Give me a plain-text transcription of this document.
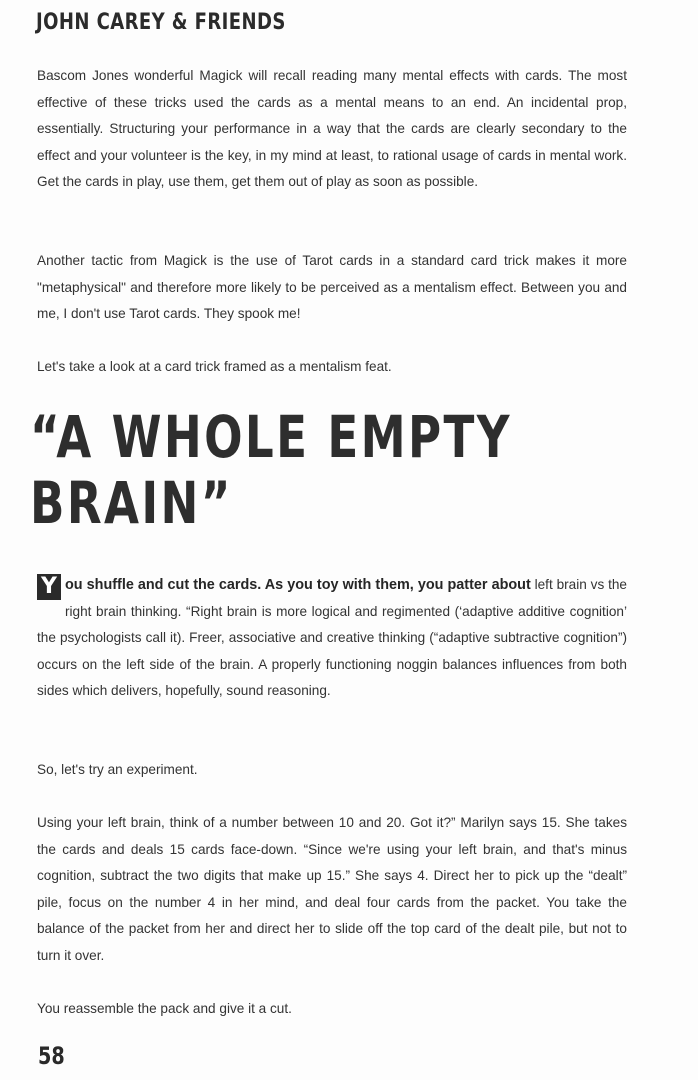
JOHN CAREY & FRIENDS

Bascom Jones wonderful Magick will recall reading many mental effects with cards. The most effective of these tricks used the cards as a mental means to an end. An incidental prop, essentially. Structuring your performance in a way that the cards are clearly secondary to the effect and your volunteer is the key, in my mind at least, to rational usage of cards in mental work. Get the cards in play, use them, get them out of play as soon as possible.

Another tactic from Magick is the use of Tarot cards in a standard card trick makes it more "metaphysical" and therefore more likely to be perceived as a mentalism effect. Between you and me, I don't use Tarot cards. They spook me!

Let's take a look at a card trick framed as a mentalism feat.

“A WHOLE EMPTY
BRAIN”

Y ou shuffle and cut the cards. As you toy with them, you patter about left brain vs the right brain thinking. “Right brain is more logical and regimented (‘adaptive additive cognition’ the psychologists call it). Freer, associative and creative thinking (“adaptive subtractive cognition”) occurs on the left side of the brain. A properly functioning noggin balances influences from both sides which delivers, hopefully, sound reasoning.

So, let's try an experiment.

Using your left brain, think of a number between 10 and 20. Got it?” Marilyn says 15. She takes the cards and deals 15 cards face-down. “Since we're using your left brain, and that's minus cognition, subtract the two digits that make up 15.” She says 4. Direct her to pick up the “dealt” pile, focus on the number 4 in her mind, and deal four cards from the packet. You take the balance of the packet from her and direct her to slide off the top card of the dealt pile, but not to turn it over.

You reassemble the pack and give it a cut.

58
